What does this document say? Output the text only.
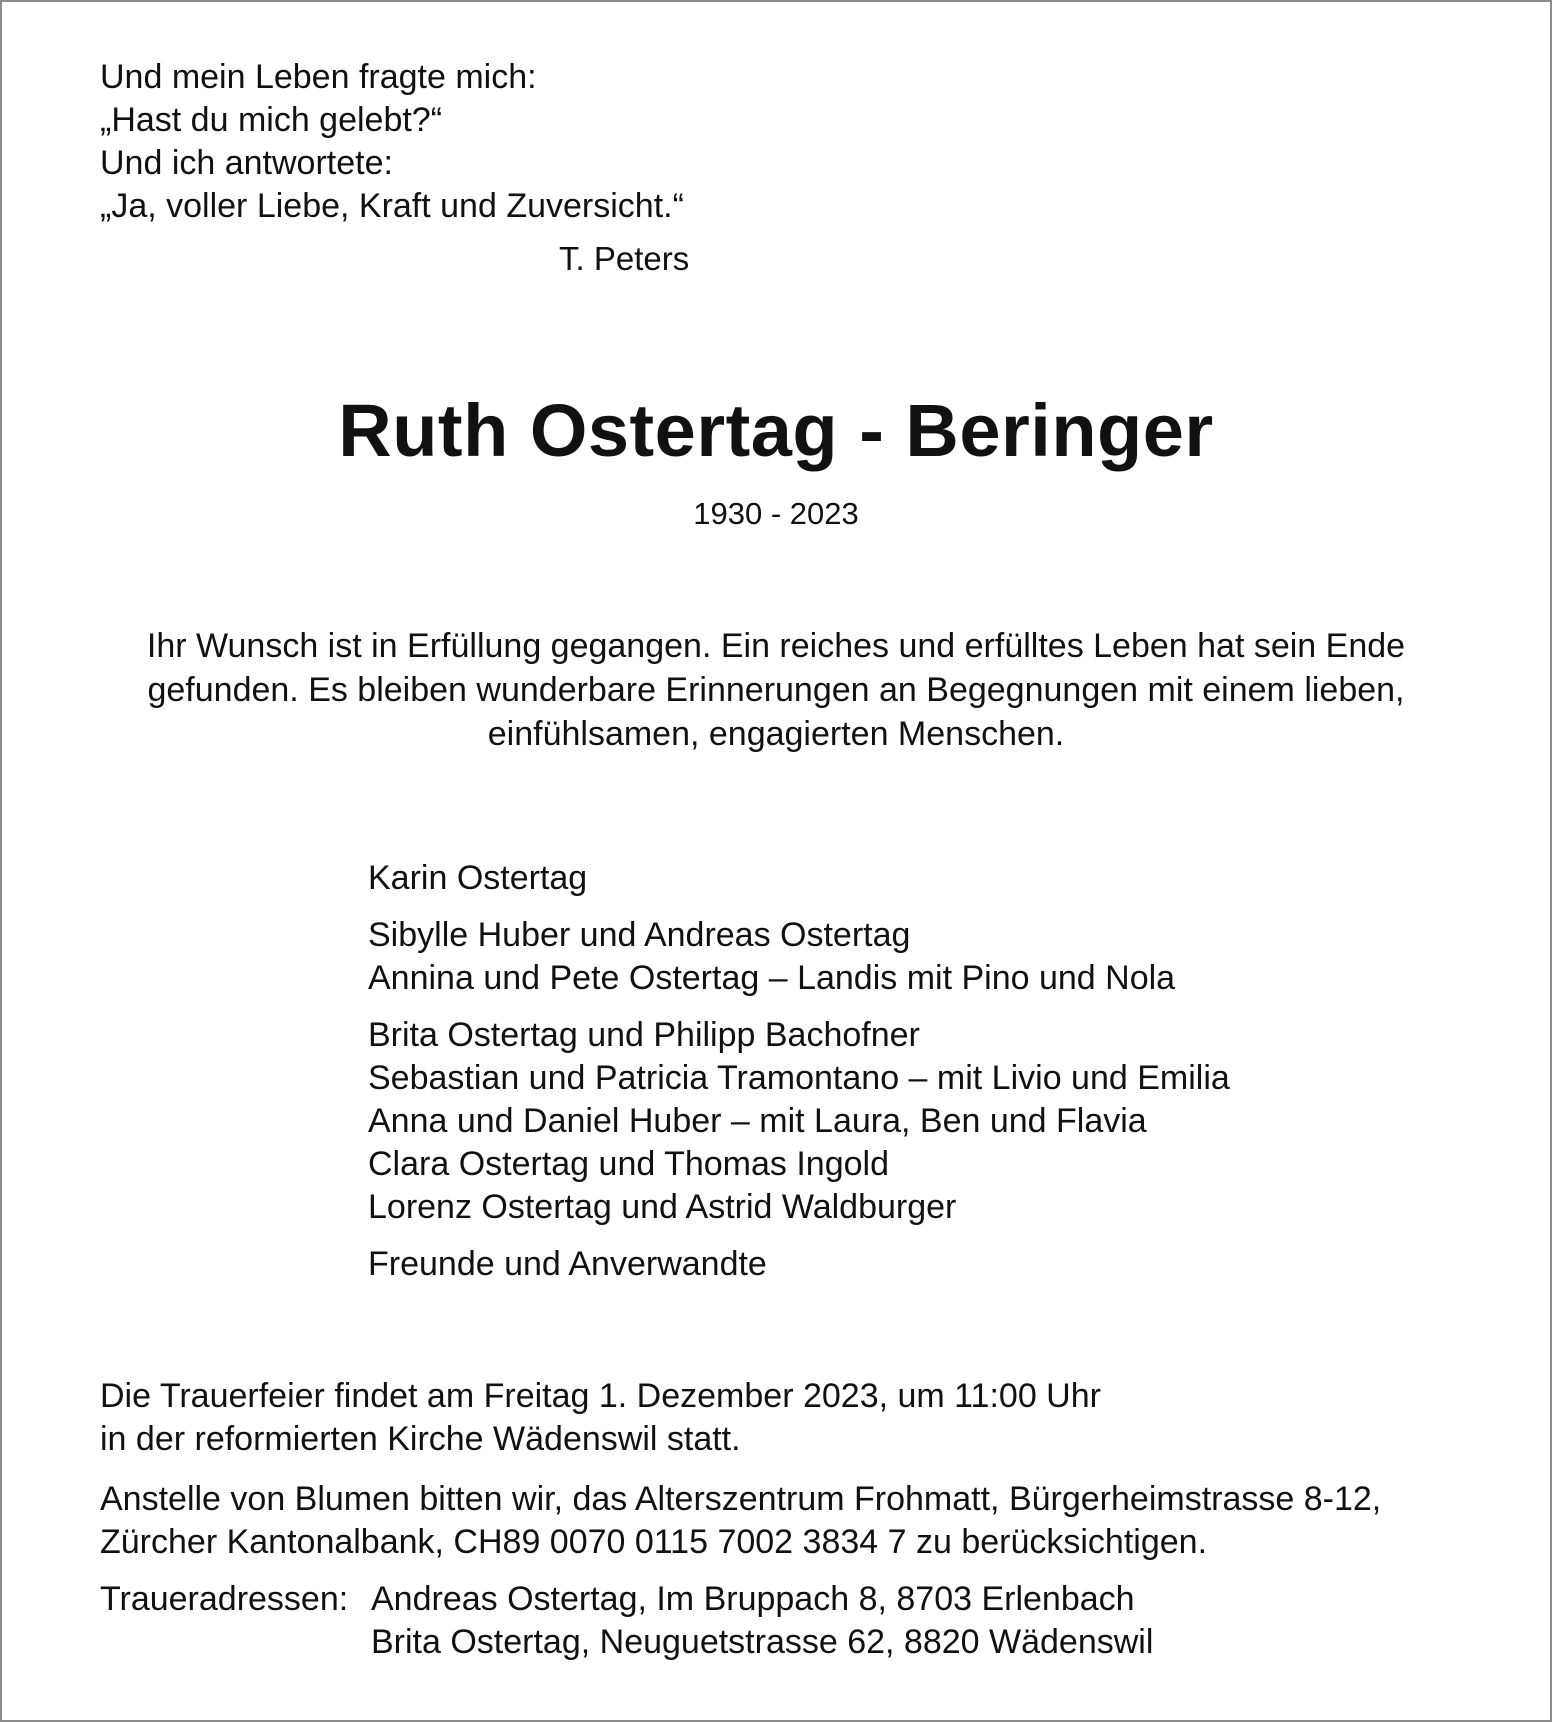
Und mein Leben fragte mich:
„Hast du mich gelebt?“
Und ich antwortete:
„Ja, voller Liebe, Kraft und Zuversicht.“
T. Peters
Ruth Ostertag - Beringer
1930 - 2023
Ihr Wunsch ist in Erfüllung gegangen. Ein reiches und erfülltes Leben hat sein Ende
gefunden. Es bleiben wunderbare Erinnerungen an Begegnungen mit einem lieben,
einfühlsamen, engagierten Menschen.
Karin Ostertag
Sibylle Huber und Andreas Ostertag
Annina und Pete Ostertag – Landis mit Pino und Nola
Brita Ostertag und Philipp Bachofner
Sebastian und Patricia Tramontano – mit Livio und Emilia
Anna und Daniel Huber – mit Laura, Ben und Flavia
Clara Ostertag und Thomas Ingold
Lorenz Ostertag und Astrid Waldburger
Freunde und Anverwandte
Die Trauerfeier findet am Freitag 1. Dezember 2023, um 11:00 Uhr
in der reformierten Kirche Wädenswil statt.
Anstelle von Blumen bitten wir, das Alterszentrum Frohmatt, Bürgerheimstrasse 8-12,
Zürcher Kantonalbank, CH89 0070 0115 7002 3834 7 zu berücksichtigen.
Traueradressen: Andreas Ostertag, Im Bruppach 8, 8703 Erlenbach
Brita Ostertag, Neuguetstrasse 62, 8820 Wädenswil
